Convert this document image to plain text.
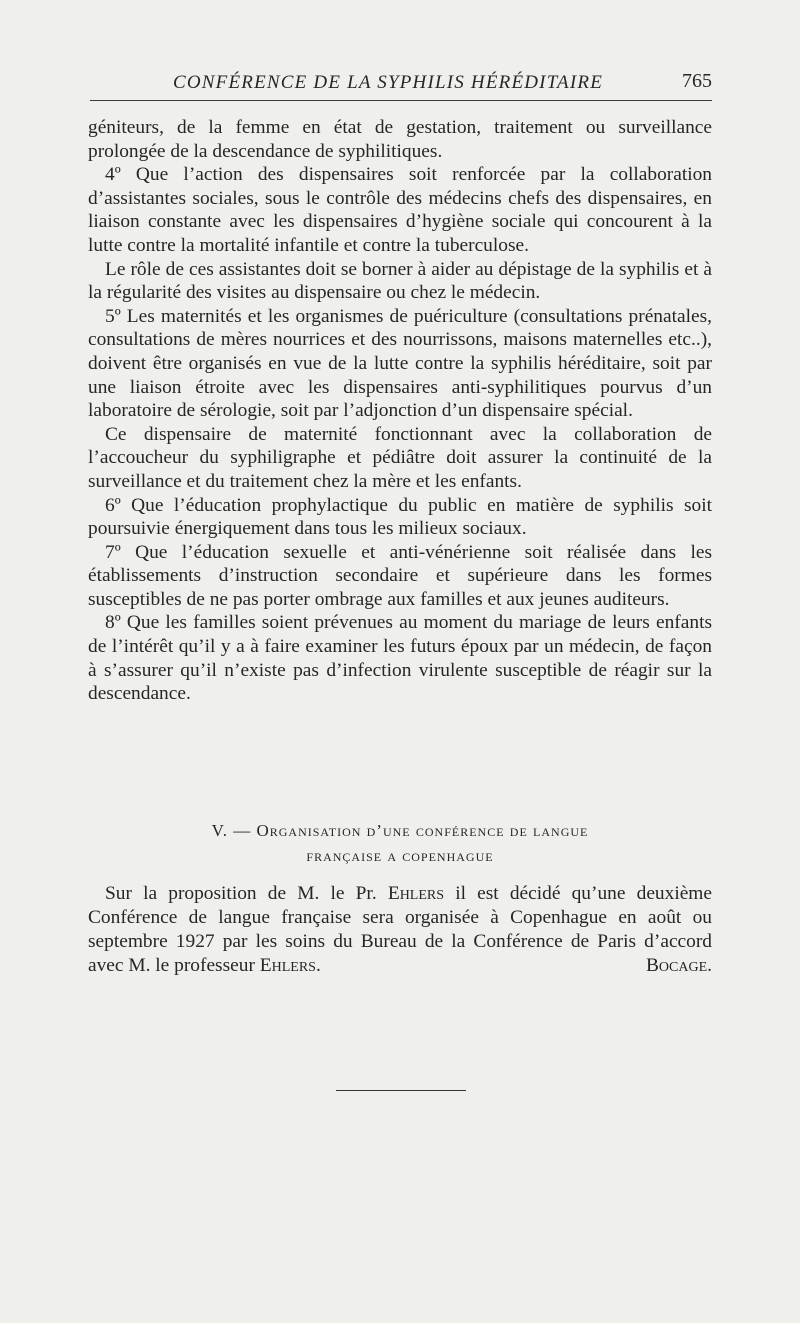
CONFÉRENCE DE LA SYPHILIS HÉRÉDITAIRE	765

géniteurs, de la femme en état de gestation, traitement ou surveillance prolongée de la descendance de syphilitiques.

4º Que l’action des dispensaires soit renforcée par la collaboration d’assistantes sociales, sous le contrôle des médecins chefs des dispensaires, en liaison constante avec les dispensaires d’hygiène sociale qui concourent à la lutte contre la mortalité infantile et contre la tuberculose.

Le rôle de ces assistantes doit se borner à aider au dépistage de la syphilis et à la régularité des visites au dispensaire ou chez le médecin.

5º Les maternités et les organismes de puériculture (consultations prénatales, consultations de mères nourrices et des nourrissons, maisons maternelles etc..), doivent être organisés en vue de la lutte contre la syphilis héréditaire, soit par une liaison étroite avec les dispensaires anti-syphilitiques pourvus d’un laboratoire de sérologie, soit par l’adjonction d’un dispensaire spécial.

Ce dispensaire de maternité fonctionnant avec la collaboration de l’accoucheur du syphiligraphe et pédiâtre doit assurer la continuité de la surveillance et du traitement chez la mère et les enfants.

6º Que l’éducation prophylactique du public en matière de syphilis soit poursuivie énergiquement dans tous les milieux sociaux.

7º Que l’éducation sexuelle et anti-vénérienne soit réalisée dans les établissements d’instruction secondaire et supérieure dans les formes susceptibles de ne pas porter ombrage aux familles et aux jeunes auditeurs.

8º Que les familles soient prévenues au moment du mariage de leurs enfants de l’intérêt qu’il y a à faire examiner les futurs époux par un médecin, de façon à s’assurer qu’il n’existe pas d’infection virulente susceptible de réagir sur la descendance.

V. — Organisation d’une conférence de langue
française a copenhague

Sur la proposition de M. le Pr. Ehlers il est décidé qu’une deuxième Conférence de langue française sera organisée à Copenhague en août ou septembre 1927 par les soins du Bureau de la Conférence de Paris d’accord avec M. le professeur Ehlers.	Bocage.
